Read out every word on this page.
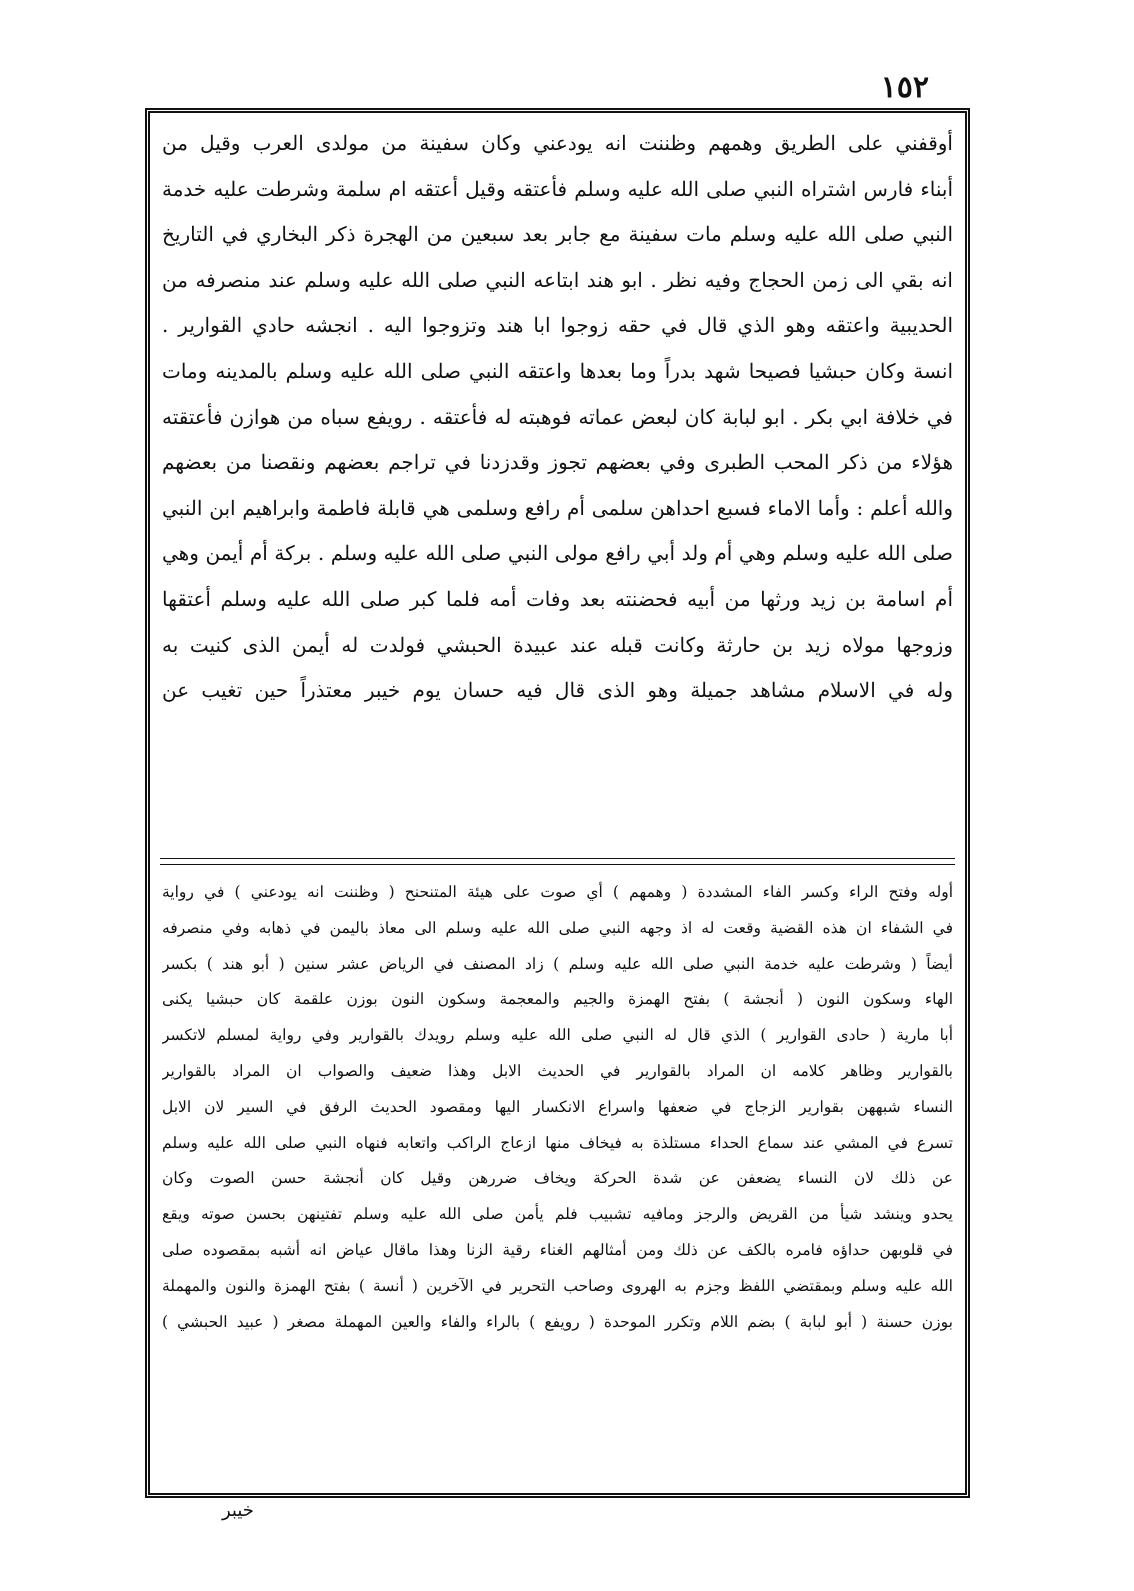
١٥٢
أوقفني على الطريق وهمهم وظننت انه يودعني وكان سفينة من مولدى العرب وقيل من
أبناء فارس اشتراه النبي صلى الله عليه وسلم فأعتقه وقيل أعتقه ام سلمة وشرطت عليه خدمة
النبي صلى الله عليه وسلم مات سفينة مع جابر بعد سبعين من الهجرة ذكر البخاري في التاريخ
انه بقي الى زمن الحجاج وفيه نظر . ابو هند ابتاعه النبي صلى الله عليه وسلم عند منصرفه من
الحديبية واعتقه وهو الذي قال في حقه زوجوا ابا هند وتزوجوا اليه . انجشه حادي القوارير .
انسة وكان حبشيا فصيحا شهد بدراً وما بعدها واعتقه النبي صلى الله عليه وسلم بالمدينه ومات
في خلافة ابي بكر . ابو لبابة كان لبعض عماته فوهبته له فأعتقه . رويفع سباه من هوازن فأعتقته
هؤلاء من ذكر المحب الطبرى وفي بعضهم تجوز وقدزدنا في تراجم بعضهم ونقصنا من بعضهم
والله أعلم : وأما الاماء فسبع احداهن سلمى أم رافع وسلمى هي قابلة فاطمة وابراهيم ابن النبي
صلى الله عليه وسلم وهي أم ولد أبي رافع مولى النبي صلى الله عليه وسلم . بركة أم أيمن وهي
أم اسامة بن زيد ورثها من أبيه فحضنته بعد وفات أمه فلما كبر صلى الله عليه وسلم أعتقها
وزوجها مولاه زيد بن حارثة وكانت قبله عند عبيدة الحبشي فولدت له أيمن الذى كنيت به
وله في الاسلام مشاهد جميلة وهو الذى قال فيه حسان يوم خيبر معتذراً حين تغيب عن
أوله وفتح الراء وكسر الفاء المشددة ( وهمهم ) أي صوت على هيئة المتنحنح ( وظننت انه يودعني ) في رواية
في الشفاء ان هذه القضية وقعت له اذ وجهه النبي صلى الله عليه وسلم الى معاذ باليمن في ذهابه وفي منصرفه
أيضاً ( وشرطت عليه خدمة النبي صلى الله عليه وسلم ) زاد المصنف في الرياض عشر سنين ( أبو هند ) بكسر
الهاء وسكون النون ( أنجشة ) بفتح الهمزة والجيم والمعجمة وسكون النون بوزن علقمة كان حبشيا يكنى
أبا مارية ( حادى القوارير ) الذي قال له النبي صلى الله عليه وسلم رويدك بالقوارير وفي رواية لمسلم لاتكسر
بالقوارير وظاهر كلامه ان المراد بالقوارير في الحديث الابل وهذا ضعيف والصواب ان المراد بالقوارير
النساء شبههن بقوارير الزجاج في ضعفها واسراع الانكسار اليها ومقصود الحديث الرفق في السير لان الابل
تسرع في المشي عند سماع الحداء مستلذة به فيخاف منها ازعاج الراكب واتعابه فنهاه النبي صلى الله عليه وسلم
عن ذلك لان النساء يضعفن عن شدة الحركة ويخاف ضررهن وقيل كان أنجشة حسن الصوت وكان
يحدو وينشد شيأ من القريض والرجز ومافيه تشبيب فلم يأمن صلى الله عليه وسلم تفتينهن بحسن صوته ويقع
في قلوبهن حداؤه فامره بالكف عن ذلك ومن أمثالهم الغناء رقية الزنا وهذا ماقال عياض انه أشبه بمقصوده صلى
الله عليه وسلم وبمقتضي اللفظ وجزم به الهروى وصاحب التحرير في الآخرين ( أنسة ) بفتح الهمزة والنون والمهملة
بوزن حسنة ( أبو لبابة ) بضم اللام وتكرر الموحدة ( رويفع ) بالراء والفاء والعين المهملة مصغر ( عبيد الحبشي )
خيبر
